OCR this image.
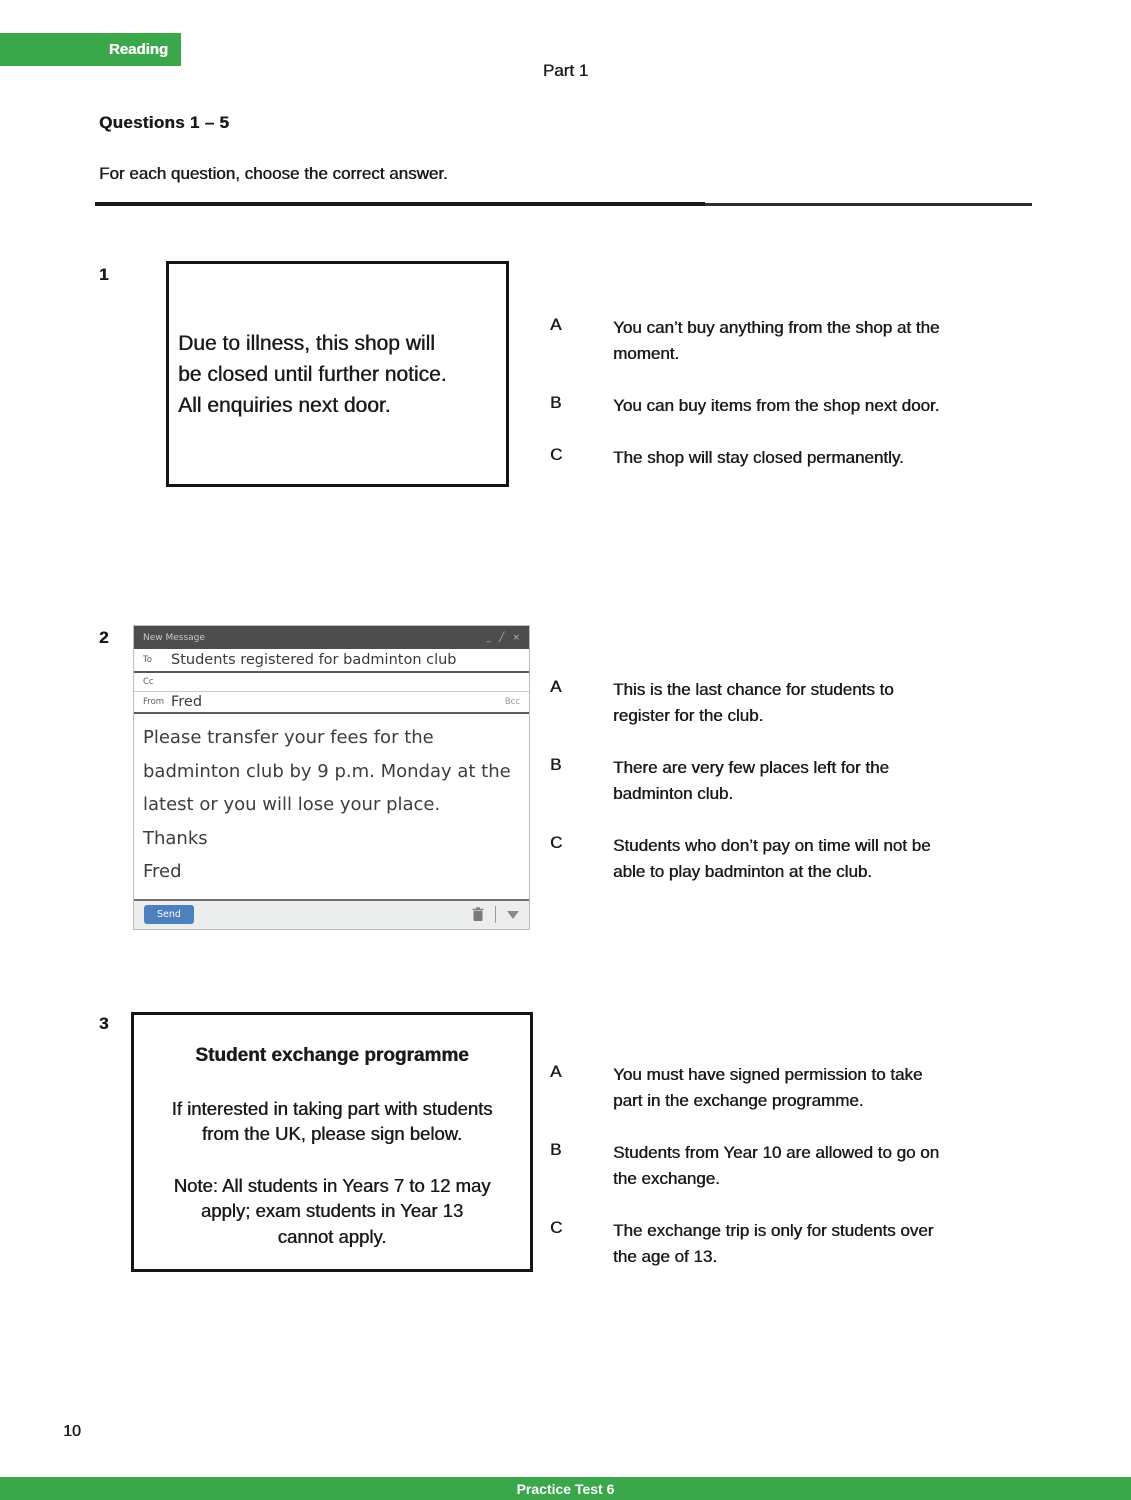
Reading
Part 1
Questions 1 – 5
For each question, choose the correct answer.
1
Due to illness, this shop will
be closed until further notice.
All enquiries next door.
A	You can’t buy anything from the shop at the
moment.
B	You can buy items from the shop next door.
C	The shop will stay closed permanently.
2	New Message	_ ╱ ×
To	Students registered for badminton club
Cc
From Fred	Bcc
Please transfer your fees for the
badminton club by 9 p.m. Monday at the
latest or you will lose your place.
Thanks
Fred
Send
A	This is the last chance for students to
register for the club.
B	There are very few places left for the
badminton club.
C	Students who don’t pay on time will not be
able to play badminton at the club.
3
Student exchange programme
If interested in taking part with students
from the UK, please sign below.
Note: All students in Years 7 to 12 may
apply; exam students in Year 13
cannot apply.
A	You must have signed permission to take
part in the exchange programme.
B	Students from Year 10 are allowed to go on
the exchange.
C	The exchange trip is only for students over
the age of 13.
10
Practice Test 6
